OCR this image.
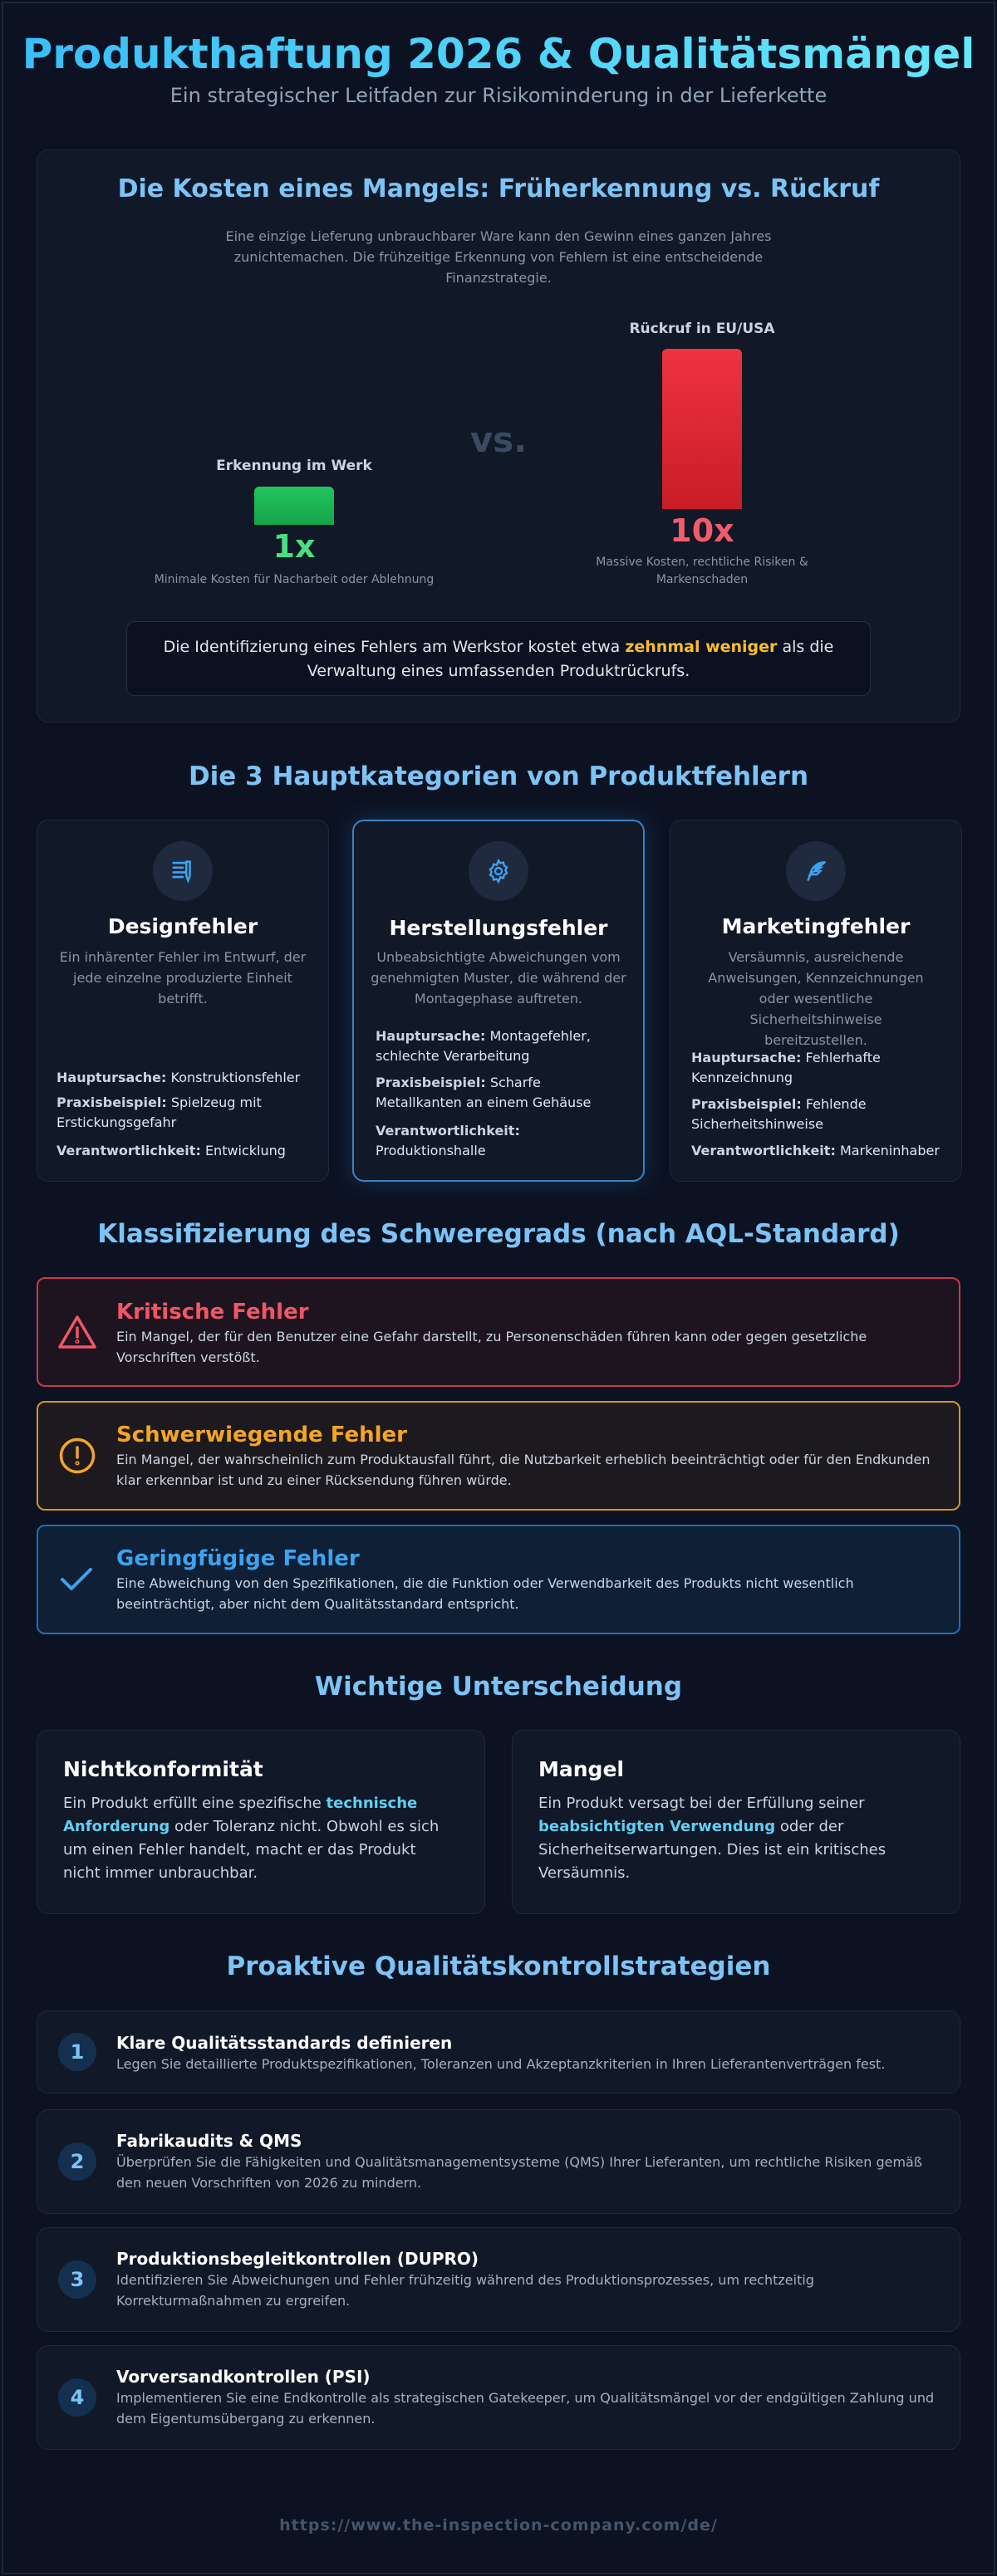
Produkthaftung 2026 & Qualitätsmängel
Ein strategischer Leitfaden zur Risikominderung in der Lieferkette
Die Kosten eines Mangels: Früherkennung vs. Rückruf
Eine einzige Lieferung unbrauchbarer Ware kann den Gewinn eines ganzen Jahres zunichtemachen. Die frühzeitige Erkennung von Fehlern ist eine entscheidende Finanzstrategie.
Erkennung im Werk
1x
Minimale Kosten für Nacharbeit oder Ablehnung
vs.
Rückruf in EU/USA
10x
Massive Kosten, rechtliche Risiken & Markenschaden
Die Identifizierung eines Fehlers am Werkstor kostet etwa zehnmal weniger als die Verwaltung eines umfassenden Produktrückrufs.
Die 3 Hauptkategorien von Produktfehlern
Designfehler
Ein inhärenter Fehler im Entwurf, der jede einzelne produzierte Einheit betrifft.
Hauptursache: Konstruktionsfehler
Praxisbeispiel: Spielzeug mit Erstickungsgefahr
Verantwortlichkeit: Entwicklung
Herstellungsfehler
Unbeabsichtigte Abweichungen vom genehmigten Muster, die während der Montagephase auftreten.
Hauptursache: Montagefehler, schlechte Verarbeitung
Praxisbeispiel: Scharfe Metallkanten an einem Gehäuse
Verantwortlichkeit: Produktionshalle
Marketingfehler
Versäumnis, ausreichende Anweisungen, Kennzeichnungen oder wesentliche Sicherheitshinweise bereitzustellen.
Hauptursache: Fehlerhafte Kennzeichnung
Praxisbeispiel: Fehlende Sicherheitshinweise
Verantwortlichkeit: Markeninhaber
Klassifizierung des Schweregrads (nach AQL-Standard)
Kritische Fehler
Ein Mangel, der für den Benutzer eine Gefahr darstellt, zu Personenschäden führen kann oder gegen gesetzliche Vorschriften verstößt.
Schwerwiegende Fehler
Ein Mangel, der wahrscheinlich zum Produktausfall führt, die Nutzbarkeit erheblich beeinträchtigt oder für den Endkunden klar erkennbar ist und zu einer Rücksendung führen würde.
Geringfügige Fehler
Eine Abweichung von den Spezifikationen, die die Funktion oder Verwendbarkeit des Produkts nicht wesentlich beeinträchtigt, aber nicht dem Qualitätsstandard entspricht.
Wichtige Unterscheidung
Nichtkonformität
Ein Produkt erfüllt eine spezifische technische Anforderung oder Toleranz nicht. Obwohl es sich um einen Fehler handelt, macht er das Produkt nicht immer unbrauchbar.
Mangel
Ein Produkt versagt bei der Erfüllung seiner beabsichtigten Verwendung oder der Sicherheitserwartungen. Dies ist ein kritisches Versäumnis.
Proaktive Qualitätskontrollstrategien
1	Klare Qualitätsstandards definieren
Legen Sie detaillierte Produktspezifikationen, Toleranzen und Akzeptanzkriterien in Ihren Lieferantenverträgen fest.
2
Fabrikaudits & QMS
Überprüfen Sie die Fähigkeiten und Qualitätsmanagementsysteme (QMS) Ihrer Lieferanten, um rechtliche Risiken gemäß den neuen Vorschriften von 2026 zu mindern.
3
Produktionsbegleitkontrollen (DUPRO)
Identifizieren Sie Abweichungen und Fehler frühzeitig während des Produktionsprozesses, um rechtzeitig Korrekturmaßnahmen zu ergreifen.
4
Vorversandkontrollen (PSI)
Implementieren Sie eine Endkontrolle als strategischen Gatekeeper, um Qualitätsmängel vor der endgültigen Zahlung und dem Eigentumsübergang zu erkennen.
https://www.the-inspection-company.com/de/
